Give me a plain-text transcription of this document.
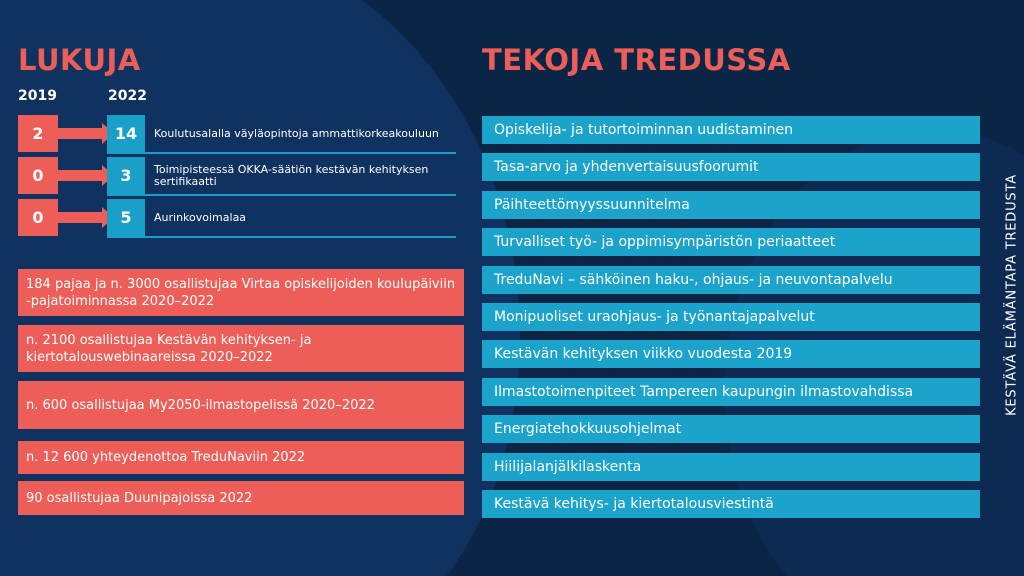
LUKUJA
2019	2022
2	14	Koulutusalalla väyläopintoja ammattikorkeakouluun
0	3	Toimipisteessä OKKA-säätiön kestävän kehityksen sertifikaatti
0	5	Aurinkovoimalaa
184 pajaa ja n. 3000 osallistujaa Virtaa opiskelijoiden koulupäiviin -pajatoiminnassa 2020–2022
n. 2100 osallistujaa Kestävän kehityksen- ja kiertotalouswebinaareissa 2020–2022
n. 600 osallistujaa My2050-ilmastopelissä 2020–2022
n. 12 600 yhteydenottoa TreduNaviin 2022
90 osallistujaa Duunipajoissa 2022
TEKOJA TREDUSSA
Opiskelija- ja tutortoiminnan uudistaminen
Tasa-arvo ja yhdenvertaisuusfoorumit
Päihteettömyyssuunnitelma
Turvalliset työ- ja oppimisympäristön periaatteet
TreduNavi – sähköinen haku-, ohjaus- ja neuvontapalvelu
Monipuoliset uraohjaus- ja työnantajapalvelut
Kestävän kehityksen viikko vuodesta 2019
Ilmastotoimenpiteet Tampereen kaupungin ilmastovahdissa
Energiatehokkuusohjelmat
Hiilijalanjälkilaskenta
Kestävä kehitys- ja kiertotalousviestintä
KESTÄVÄ ELÄMÄNTAPA TREDUSTA
